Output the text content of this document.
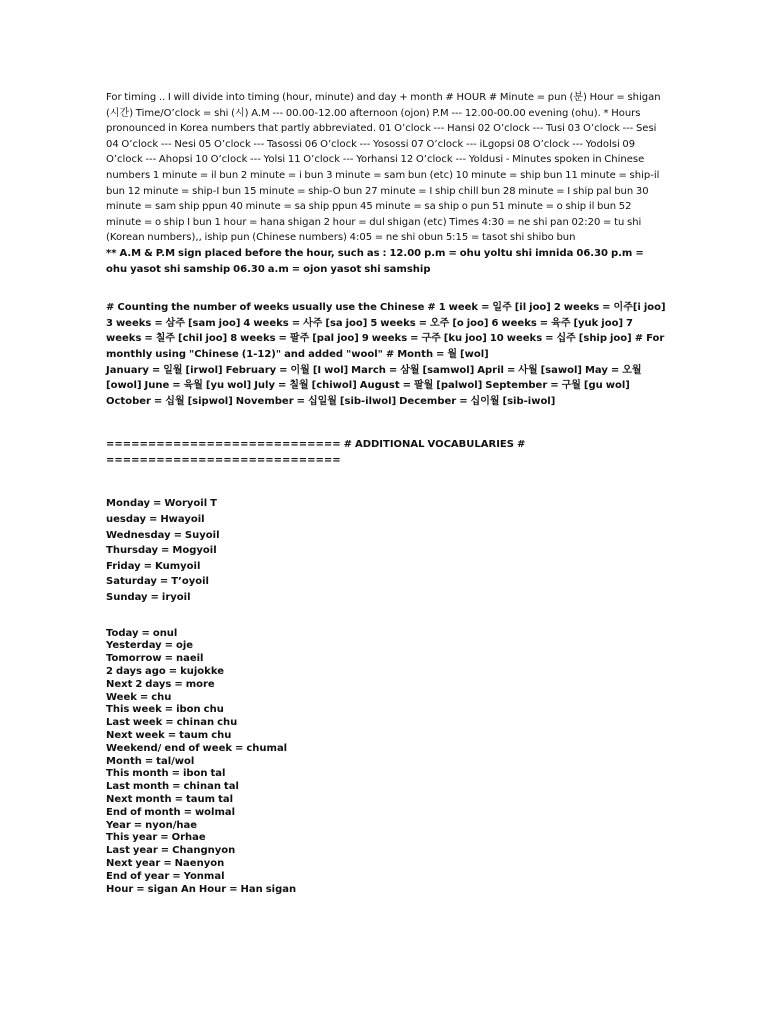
For timing .. I will divide into timing (hour, minute) and day + month # HOUR # Minute = pun (분) Hour = shigan (시간) Time/O’clock = shi (시) A.M --- 00.00-12.00 afternoon (ojon) P.M --- 12.00-00.00 evening (ohu). * Hours pronounced in Korea numbers that partly abbreviated. 01 O’clock --- Hansi 02 O’clock --- Tusi 03 O’clock --- Sesi 04 O’clock --- Nesi 05 O’clock --- Tasossi 06 O’clock --- Yosossi 07 O’clock --- iLgopsi 08 O’clock --- Yodolsi 09 O’clock --- Ahopsi 10 O’clock --- Yolsi 11 O’clock --- Yorhansi 12 O’clock --- Yoldusi - Minutes spoken in Chinese numbers 1 minute = il bun 2 minute = i bun 3 minute = sam bun (etc) 10 minute = ship bun 11 minute = ship-il bun 12 minute = ship-I bun 15 minute = ship-O bun 27 minute = I ship chill bun 28 minute = I ship pal bun 30 minute = sam ship ppun 40 minute = sa ship ppun 45 minute = sa ship o pun 51 minute = o ship il bun 52 minute = o ship I bun 1 hour = hana shigan 2 hour = dul shigan (etc) Times 4:30 = ne shi pan 02:20 = tu shi (Korean numbers),, iship pun (Chinese numbers) 4:05 = ne shi obun 5:15 = tasot shi shibo bun

** A.M & P.M sign placed before the hour, such as : 12.00 p.m = ohu yoltu shi imnida 06.30 p.m = ohu yasot shi samship 06.30 a.m = ojon yasot shi samship

# Counting the number of weeks usually use the Chinese # 1 week = 일주 [il joo] 2 weeks = 이주[i joo] 3 weeks = 삼주 [sam joo] 4 weeks = 사주 [sa joo] 5 weeks = 오주 [o joo] 6 weeks = 육주 [yuk joo] 7 weeks = 칠주 [chil joo] 8 weeks = 팔주 [pal joo] 9 weeks = 구주 [ku joo] 10 weeks = 십주 [ship joo] # For monthly using "Chinese (1-12)" and added "wool" # Month = 월 [wol]

January = 일월 [irwol] February = 이월 [I wol] March = 삼월 [samwol] April = 사월 [sawol] May = 오월 [owol] June = 육월 [yu wol] July = 칠월 [chiwol] August = 팔월 [palwol] September = 구월 [gu wol] October = 십월 [sipwol] November = 십일월 [sib-ilwol] December = 십이월 [sib-iwol]

============================ # ADDITIONAL VOCABULARIES # ============================

Monday = Woryoil T

uesday = Hwayoil

Wednesday = Suyoil

Thursday = Mogyoil

Friday = Kumyoil

Saturday = T’oyoil

Sunday = iryoil

Today = onul

Yesterday = oje

Tomorrow = naeil

2 days ago = kujokke

Next 2 days = more

Week = chu

This week = ibon chu

Last week = chinan chu

Next week = taum chu

Weekend/ end of week = chumal

Month = tal/wol

This month = ibon tal

Last month = chinan tal

Next month = taum tal

End of month = wolmal

Year = nyon/hae

This year = Orhae

Last year = Changnyon

Next year = Naenyon

End of year = Yonmal

Hour = sigan An Hour = Han sigan
